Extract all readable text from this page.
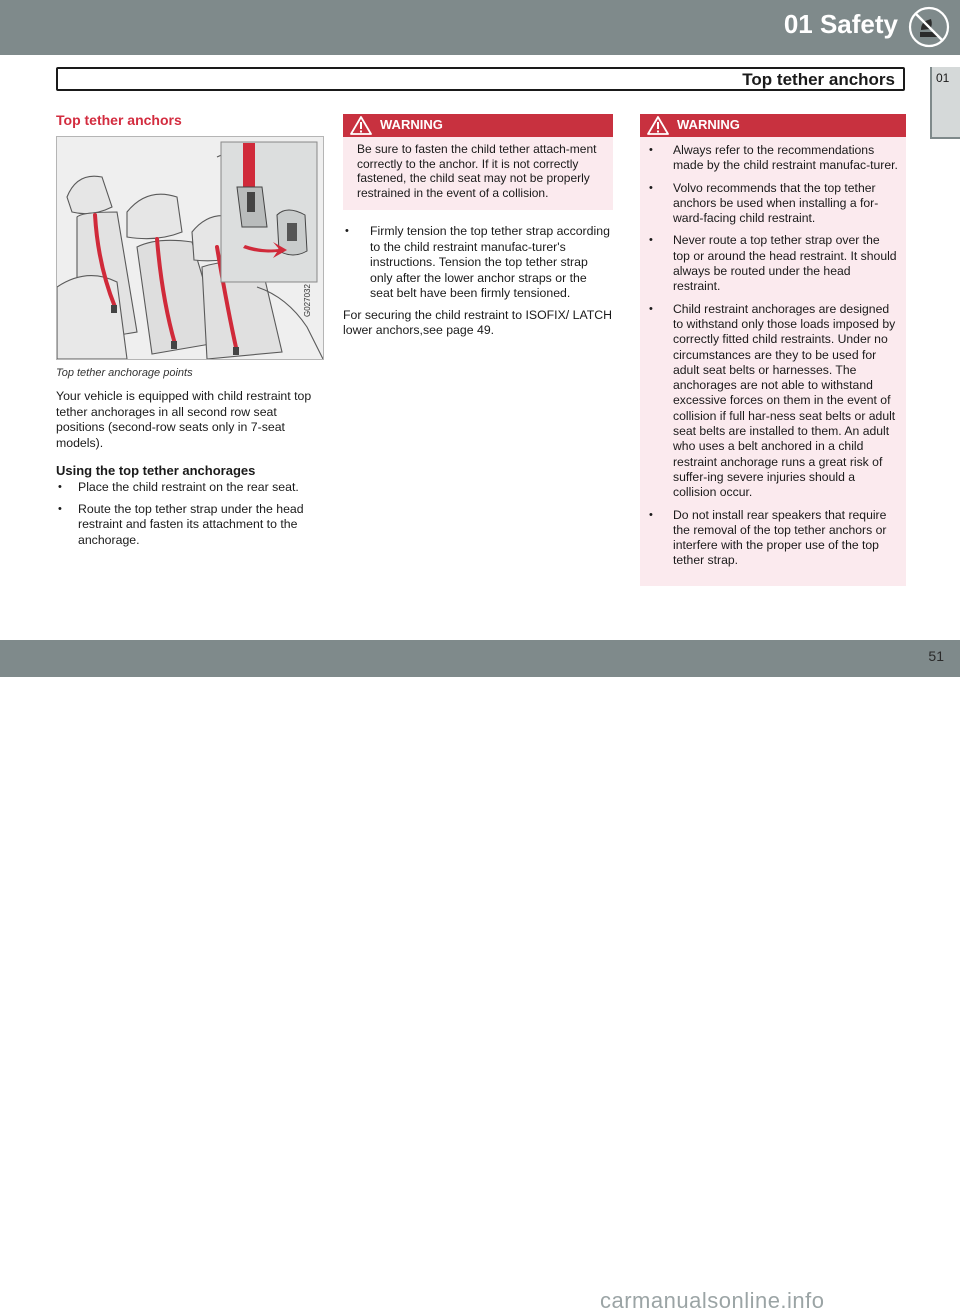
01 Safety
Top tether anchors	01
Top tether anchors
G027032
Top tether anchorage points

Your vehicle is equipped with child restraint top tether anchorages in all second row seat positions (second-row seats only in 7-seat models).

Using the top tether anchorages
• Place the child restraint on the rear seat.
• Route the top tether strap under the head restraint and fasten its attachment to the anchorage.
WARNING
Be sure to fasten the child tether attach-ment correctly to the anchor. If it is not correctly fastened, the child seat may not be properly restrained in the event of a collision.
• Firmly tension the top tether strap according to the child restraint manufac-turer's instructions. Tension the top tether strap only after the lower anchor straps or the seat belt have been firmly tensioned.

For securing the child restraint to ISOFIX/ LATCH lower anchors,see page 49.

WARNING
• Always refer to the recommendations made by the child restraint manufac-turer.
• Volvo recommends that the top tether anchors be used when installing a for-ward-facing child restraint.
• Never route a top tether strap over the top or around the head restraint. It should always be routed under the head restraint.
• Child restraint anchorages are designed to withstand only those loads imposed by correctly fitted child restraints. Under no circumstances are they to be used for adult seat belts or harnesses. The anchorages are not able to withstand excessive forces on them in the event of collision if full har-ness seat belts or adult seat belts are installed to them. An adult who uses a belt anchored in a child restraint anchorage runs a great risk of suffer-ing severe injuries should a collision occur.
• Do not install rear speakers that require the removal of the top tether anchors or interfere with the proper use of the top tether strap.
carmanualsonline.info
51
